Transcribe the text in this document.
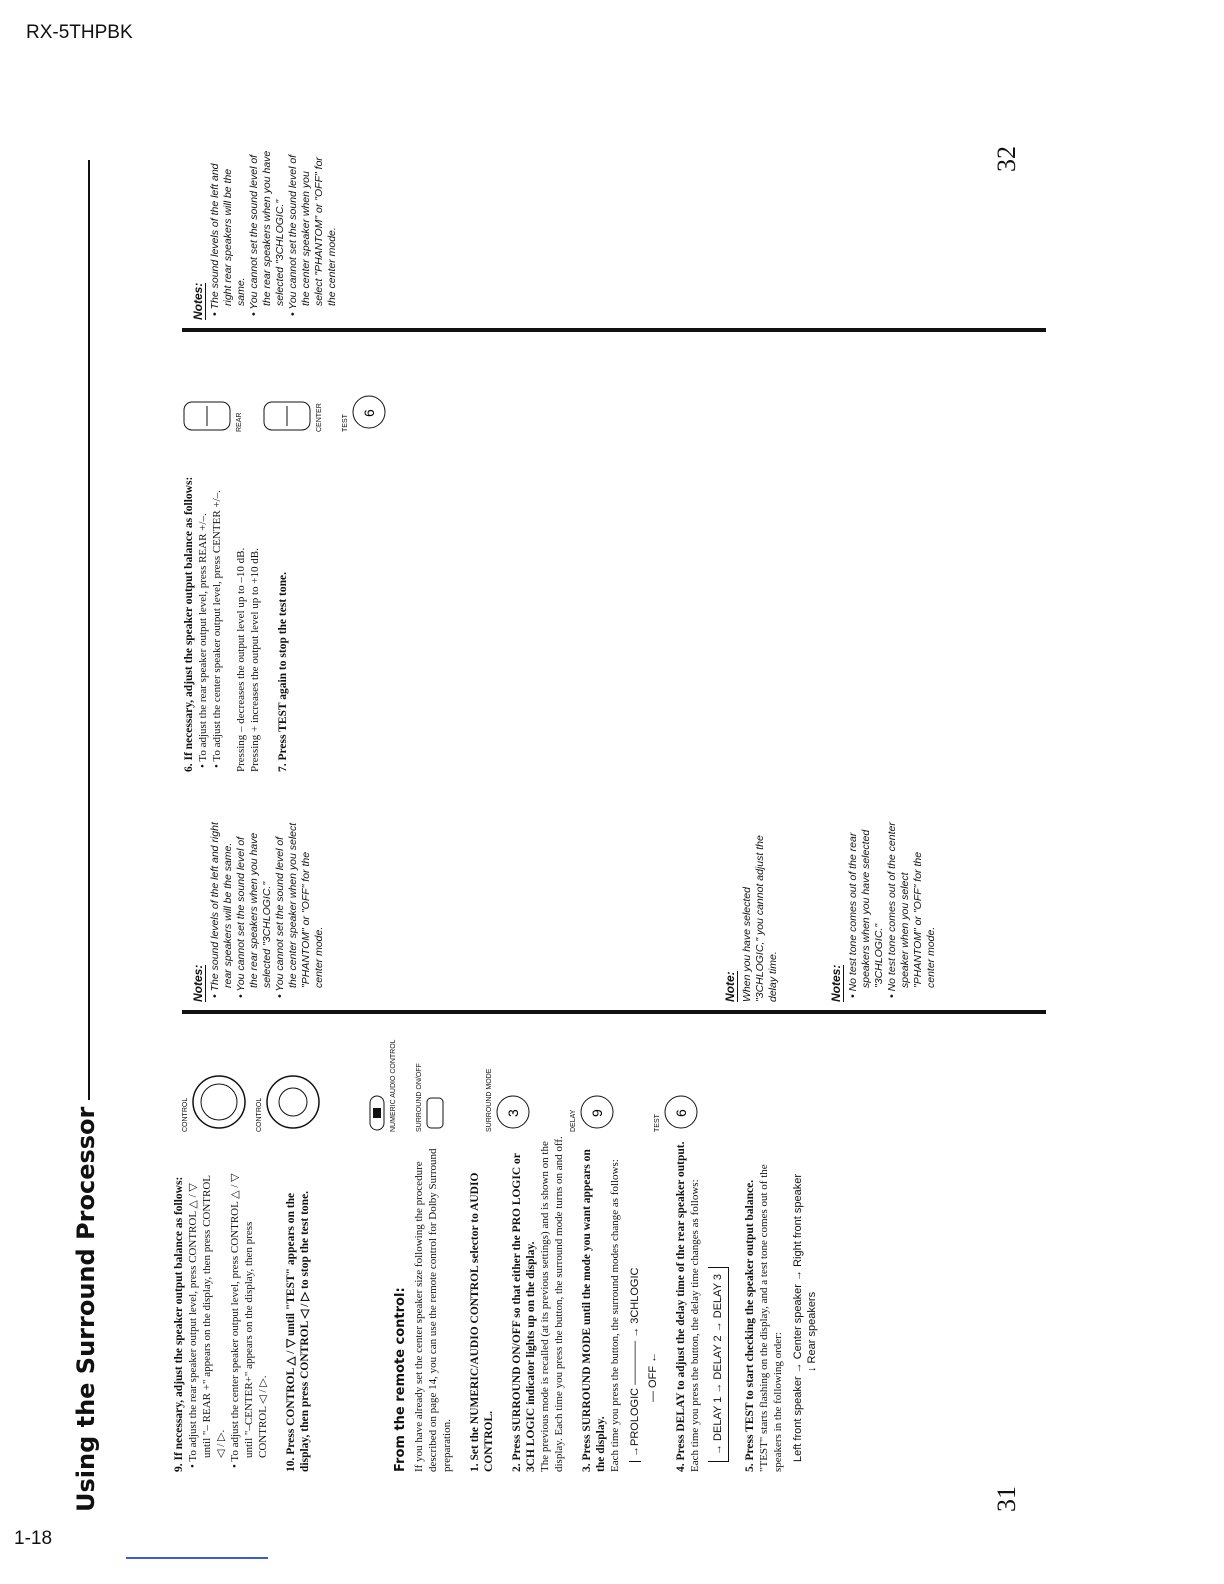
RX-5THPBK
1-18
Using the Surround Processor	31
32
9. If necessary, adjust the speaker output balance as follows: • To adjust the rear speaker output level, press CONTROL △ / ▽ until "– REAR +" appears on the display, then press CONTROL ◁ / ▷.
• To adjust the center speaker output level, press CONTROL △ / ▽ until "–CENTER+" appears on the display, then press CONTROL ◁ / ▷. 10. Press CONTROL △ / ▽ until "TEST" appears on the display, then press CONTROL ◁ / ▷ to stop the test tone.	From the remote control: If you have already set the center speaker size following the procedure described on page 14, you can use the remote control for Dolby Surround preparation. 1. Set the NUMERIC/AUDIO CONTROL selector to AUDIO CONTROL. 2. Press SURROUND ON/OFF so that either the PRO LOGIC or 3CH LOGIC indicator lights up on the display. The previous mode is recalled (at its previous settings) and is shown on the display. Each time you press the button, the surround mode turns on and off. 3. Press SURROUND MODE until the mode you want appears on the display. Each time you press the button, the surround modes change as follows: →PROLOGIC ———— → 3CHLOGIC
— OFF ← 4. Press DELAY to adjust the delay time of the rear speaker output. Each time you press the button, the delay time changes as follows: → DELAY 1 → DELAY 2 → DELAY 3	5. Press TEST to start checking the speaker output balance. "TEST" starts flashing on the display, and a test tone comes out of the speakers in the following order: Left front speaker → Center speaker → Right front speaker
↓ Rear speakers
CONTROL	CONTROL	NUMERIC AUDIO CONTROL	SURROUND ON/OFF	SURROUND MODE 3	DELAY 9
TEST
6
Notes: • The sound levels of the left and right rear speakers will be the same.
• You cannot set the sound level of the rear speakers when you have selected "3CHLOGIC."
• You cannot set the sound level of the center speaker when you select "PHANTOM" or "OFF" for the center mode.	Note: When you have selected "3CHLOGIC," you cannot adjust the delay time.	Notes: • No test tone comes out of the rear speakers when you have selected "3CHLOGIC."
• No test tone comes out of the center speaker when you select "PHANTOM" or "OFF" for the center mode.
6. If necessary, adjust the speaker output balance as follows: • To adjust the rear speaker output level, press REAR +/–.
• To adjust the center speaker output level, press CENTER +/–. Pressing – decreases the output level up to –10 dB. Pressing + increases the output level up to +10 dB. 7. Press TEST again to stop the test tone.
REAR	CENTER	TEST
6
Notes: • The sound levels of the left and right rear speakers will be the same.
• You cannot set the sound level of the rear speakers when you have selected "3CHLOGIC."
• You cannot set the sound level of the center speaker when you select "PHANTOM" or "OFF" for the center mode.
